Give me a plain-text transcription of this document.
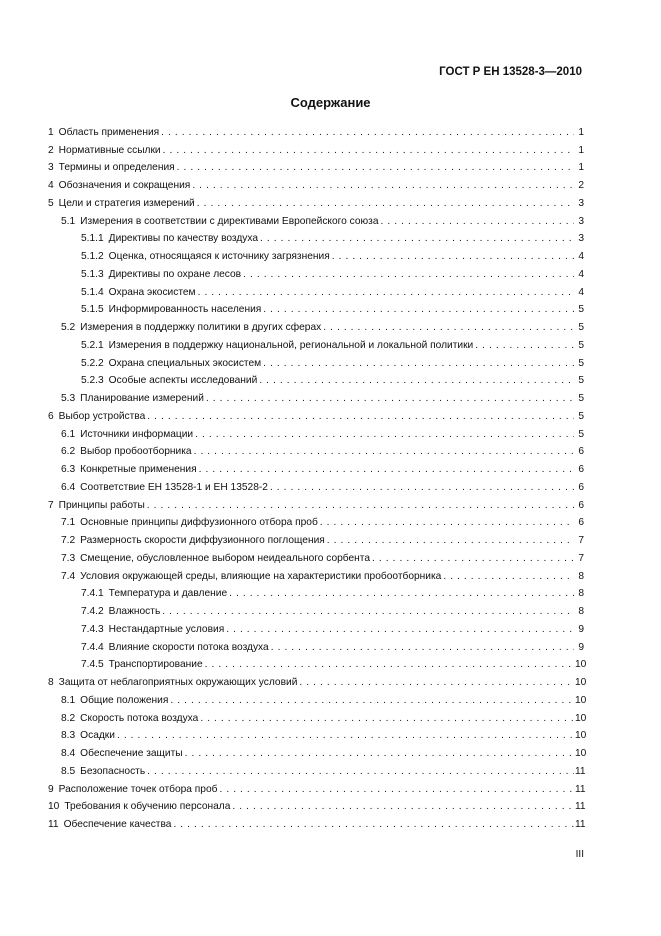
ГОСТ Р ЕН 13528-3—2010
Содержание
1 Область применения . . .	1
2 Нормативные ссылки . . .	1
3 Термины и определения . . .	1
4 Обозначения и сокращения . . .	2
5 Цели и стратегия измерений . . .	3
5.1 Измерения в соответствии с директивами Европейского союза . . .	3
5.1.1 Директивы по качеству воздуха . . .	3
5.1.2 Оценка, относящаяся к источнику загрязнения . . .	4
5.1.3 Директивы по охране лесов . . .	4
5.1.4 Охрана экосистем . . .	4
5.1.5 Информированность населения . . .	5
5.2 Измерения в поддержку политики в других сферах . . .	5
5.2.1 Измерения в поддержку национальной, региональной и локальной политики . . .	5
5.2.2 Охрана специальных экосистем . . .	5
5.2.3 Особые аспекты исследований . . .	5
5.3 Планирование измерений . . .	5
6 Выбор устройства . . .	5
6.1 Источники информации . . .	5
6.2 Выбор пробоотборника . . .	6
6.3 Конкретные применения . . .	6
6.4 Соответствие ЕН 13528-1 и ЕН 13528-2 . . .	6
7 Принципы работы . . .	6
7.1 Основные принципы диффузионного отбора проб . . .	6
7.2 Размерность скорости диффузионного поглощения . . .	7
7.3 Смещение, обусловленное выбором неидеального сорбента . . .	7
7.4 Условия окружающей среды, влияющие на характеристики пробоотборника . . .	8
7.4.1 Температура и давление . . .	8
7.4.2 Влажность . . .	8
7.4.3 Нестандартные условия . . .	9
7.4.4 Влияние скорости потока воздуха . . .	9
7.4.5 Транспортирование . . .	10
8 Защита от неблагоприятных окружающих условий . . .	10
8.1 Общие положения . . .	10
8.2 Скорость потока воздуха . . .	10
8.3 Осадки . . .	10
8.4 Обеспечение защиты . . .	10
8.5 Безопасность . . .	11
9 Расположение точек отбора проб . . .	11
10 Требования к обучению персонала . . .	11
11 Обеспечение качества . . .	11
III
